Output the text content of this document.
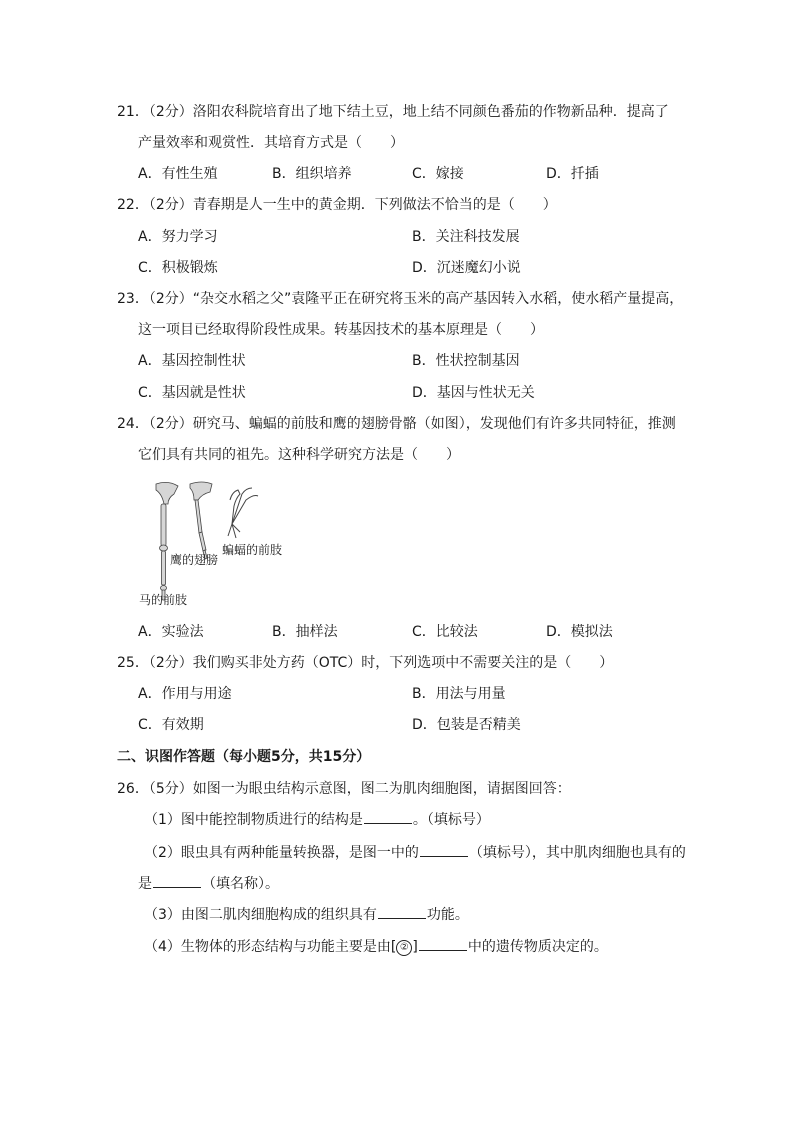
21．（2分）洛阳农科院培育出了地下结土豆，地上结不同颜色番茄的作物新品种．提高了
产量效率和观赏性．其培育方式是（　　）
A．有性生殖	B．组织培养	C．嫁接	D．扦插
22．（2分）青春期是人一生中的黄金期．下列做法不恰当的是（　　）
A．努力学习	B．关注科技发展
C．积极锻炼	D．沉迷魔幻小说
23．（2分）“杂交水稻之父”袁隆平正在研究将玉米的高产基因转入水稻，使水稻产量提高，
这一项目已经取得阶段性成果。转基因技术的基本原理是（　　）
A．基因控制性状	B．性状控制基因
C．基因就是性状	D．基因与性状无关
24．（2分）研究马、蝙蝠的前肢和鹰的翅膀骨骼（如图），发现他们有许多共同特征，推测
它们具有共同的祖先。这种科学研究方法是（　　）
鹰的翅膀
蝙蝠的前肢
马的前肢
A．实验法	B．抽样法	C．比较法	D．模拟法
25．（2分）我们购买非处方药（OTC）时，下列选项中不需要关注的是（　　）
A．作用与用途	B．用法与用量
C．有效期	D．包装是否精美
二、识图作答题（每小题5分，共15分）
26．（5分）如图一为眼虫结构示意图，图二为肌肉细胞图，请据图回答：
（1）图中能控制物质进行的结构是	。（填标号）
（2）眼虫具有两种能量转换器，是图一中的	（填标号），其中肌肉细胞也具有的
是	（填名称）。
（3）由图二肌肉细胞构成的组织具有	功能。
（4）生物体的形态结构与功能主要是由[ ② ]	中的遗传物质决定的。
